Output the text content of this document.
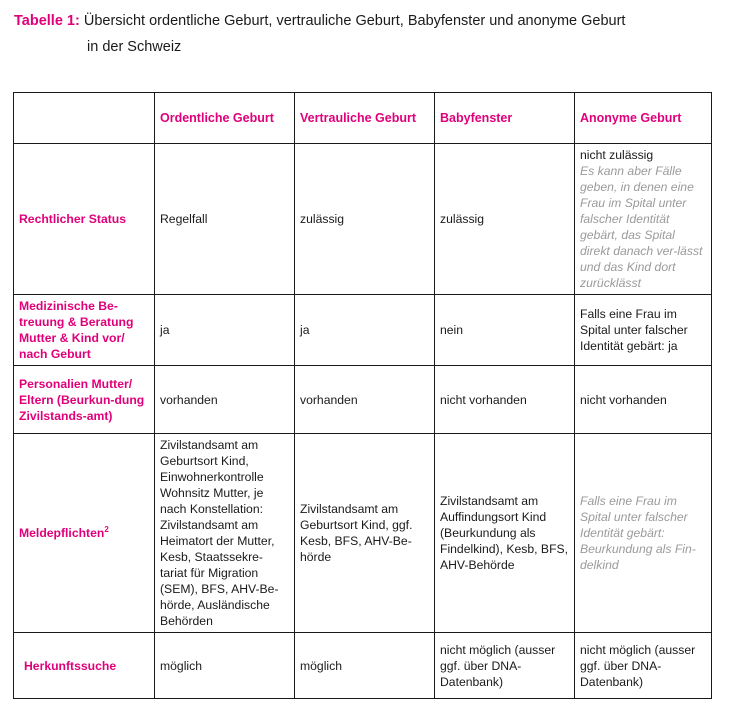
Tabelle 1: Übersicht ordentliche Geburt, vertrauliche Geburt, Babyfenster und anonyme Geburt
in der Schweiz
	Ordentliche Geburt	Vertrauliche Geburt	Babyfenster	Anonyme Geburt
Rechtlicher Status	Regelfall	zulässig	zulässig	nicht zulässig
Es kann aber Fälle geben, in denen eine Frau im Spital unter falscher Identität gebärt, das Spital direkt danach ver-lässt und das Kind dort zurücklässt

Medizinische Be-treuung & Beratung Mutter & Kind vor/ nach Geburt	ja	ja	nein	Falls eine Frau im Spital unter falscher Identität gebärt: ja
Personalien Mutter/ Eltern (Beurkun-dung Zivilstands-amt)	vorhanden	vorhanden	nicht vorhanden	nicht vorhanden
Meldepflichten$^2$	Zivilstandsamt am Geburtsort Kind, Einwohnerkontrolle Wohnsitz Mutter, je nach Konstellation: Zivilstandsamt am Heimatort der Mutter, Kesb, Staatssekre-tariat für Migration (SEM), BFS, AHV-Be-hörde, Ausländische Behörden	Zivilstandsamt am Geburtsort Kind, ggf. Kesb, BFS, AHV-Be-hörde	Zivilstandsamt am Auffindungsort Kind (Beurkundung als Findelkind), Kesb, BFS, AHV-Behörde	Falls eine Frau im Spital unter falscher Identität gebärt: Beurkundung als Fin-delkind
Herkunftssuche	möglich	möglich	nicht möglich (ausser ggf. über DNA-Datenbank)	nicht möglich (ausser ggf. über DNA-Datenbank)
